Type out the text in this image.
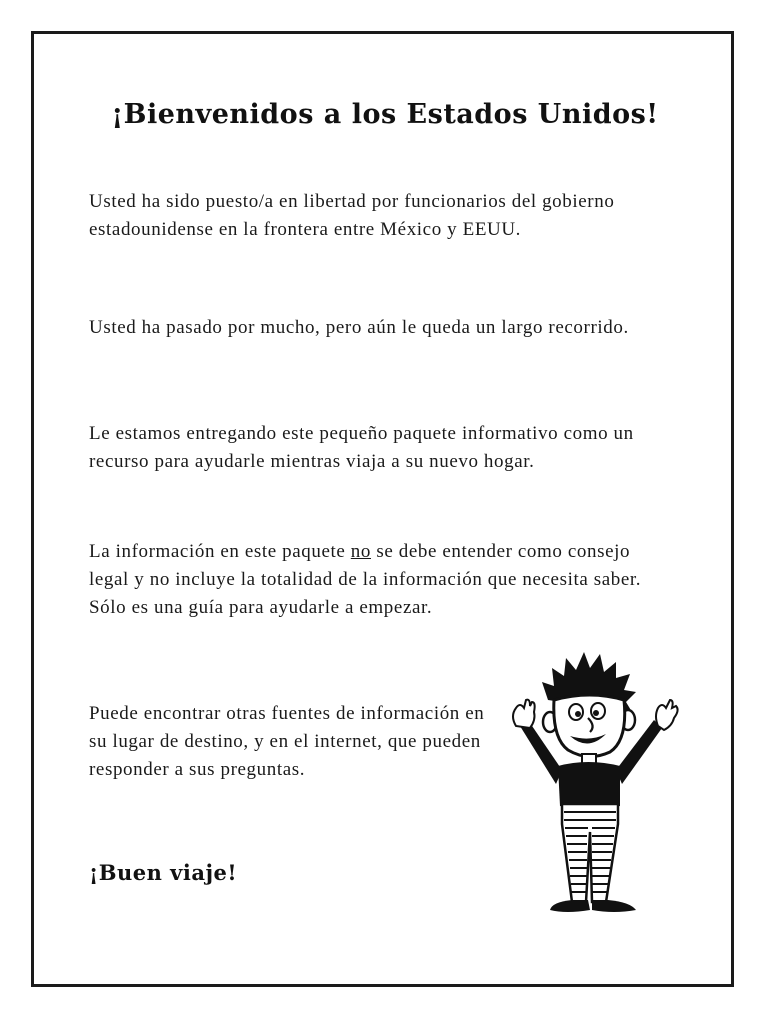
¡Bienvenidos a los Estados Unidos!

Usted ha sido puesto/a en libertad por funcionarios del gobierno estadounidense en la frontera entre México y EEUU.

Usted ha pasado por mucho, pero aún le queda un largo recorrido.

Le estamos entregando este pequeño paquete informativo como un recurso para ayudarle mientras viaja a su nuevo hogar.

La información en este paquete no se debe entender como consejo legal y no incluye la totalidad de la información que necesita saber. Sólo es una guía para ayudarle a empezar.

Puede encontrar otras fuentes de información en su lugar de destino, y en el internet, que pueden responder a sus preguntas.

¡Buen viaje!
